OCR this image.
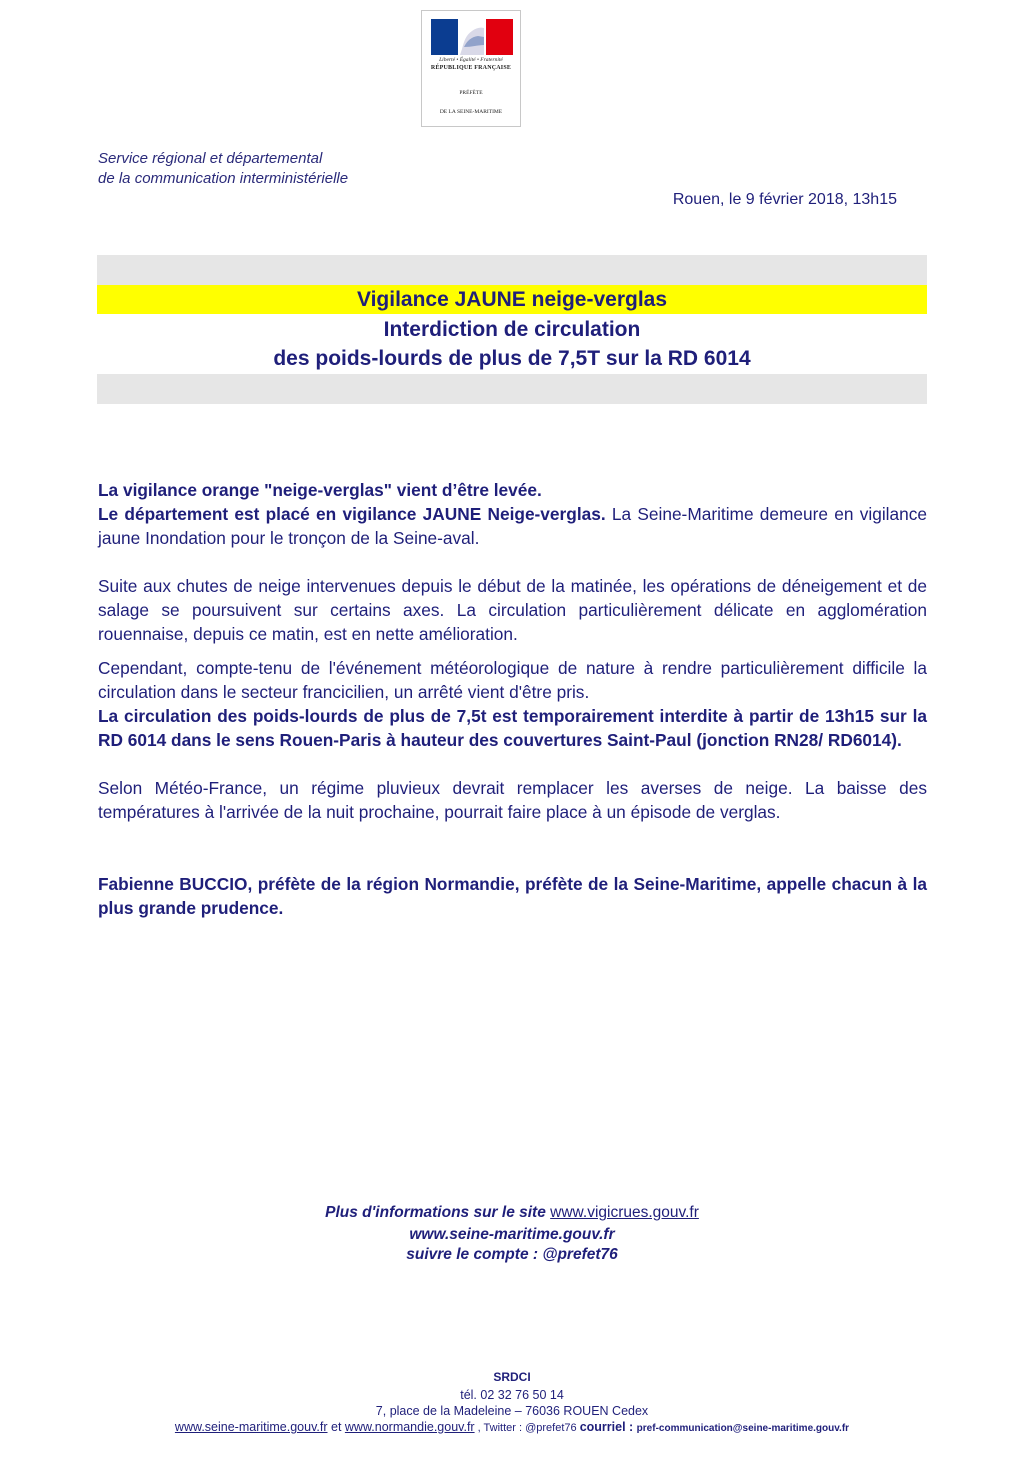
Liberté • Égalité • Fraternité
RÉPUBLIQUE FRANÇAISE
PRÉFÈTE
DE LA SEINE-MARITIME
Service régional et départemental
de la communication interministérielle
Rouen, le 9 février 2018, 13h15
Vigilance JAUNE neige-verglas
Interdiction de circulation
des poids-lourds de plus de 7,5T sur la RD 6014

La vigilance orange "neige-verglas" vient d’être levée.
Le département est placé en vigilance JAUNE Neige-verglas. La Seine-Maritime demeure en vigilance jaune Inondation pour le tronçon de la Seine-aval.

Suite aux chutes de neige intervenues depuis le début de la matinée, les opérations de déneigement et de salage se poursuivent sur certains axes. La circulation particulièrement délicate en agglomération rouennaise, depuis ce matin, est en nette amélioration.

Cependant, compte-tenu de l'événement météorologique de nature à rendre particulièrement difficile la circulation dans le secteur francicilien, un arrêté vient d'être pris.
La circulation des poids-lourds de plus de 7,5t est temporairement interdite à partir de 13h15 sur la RD 6014 dans le sens Rouen-Paris à hauteur des couvertures Saint-Paul (jonction RN28/ RD6014).

Selon Météo-France, un régime pluvieux devrait remplacer les averses de neige. La baisse des températures à l'arrivée de la nuit prochaine, pourrait faire place à un épisode de verglas.

Fabienne BUCCIO, préfète de la région Normandie, préfète de la Seine-Maritime, appelle chacun à la plus grande prudence.

Plus d'informations sur le site www.vigicrues.gouv.fr
www.seine-maritime.gouv.fr
suivre le compte : @prefet76
SRDCI
tél. 02 32 76 50 14
7, place de la Madeleine – 76036 ROUEN Cedex
www.seine-maritime.gouv.fr et www.normandie.gouv.fr , Twitter : @prefet76 courriel : pref-communication@seine-maritime.gouv.fr
